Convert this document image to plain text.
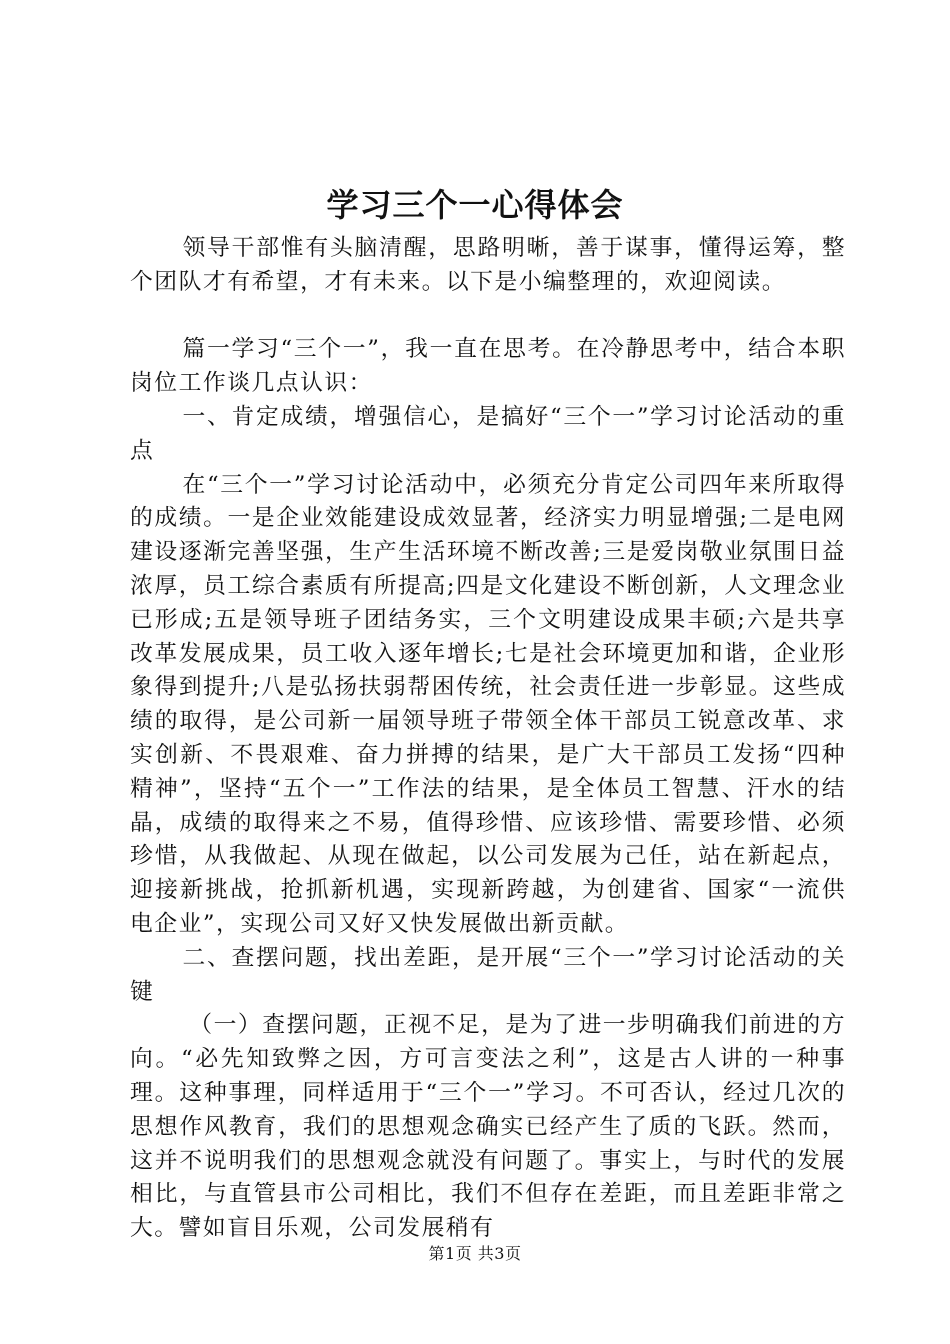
学习三个一心得体会

领导干部惟有头脑清醒，思路明晰，善于谋事，懂得运筹，整个团队才有希望，才有未来。以下是小编整理的，欢迎阅读。

篇一学习“三个一”，我一直在思考。在冷静思考中，结合本职岗位工作谈几点认识：

一、肯定成绩，增强信心，是搞好“三个一”学习讨论活动的重点

在“三个一”学习讨论活动中，必须充分肯定公司四年来所取得的成绩。一是企业效能建设成效显著，经济实力明显增强;二是电网建设逐渐完善坚强，生产生活环境不断改善;三是爱岗敬业氛围日益浓厚，员工综合素质有所提高;四是文化建设不断创新，人文理念业已形成;五是领导班子团结务实，三个文明建设成果丰硕;六是共享改革发展成果，员工收入逐年增长;七是社会环境更加和谐，企业形象得到提升;八是弘扬扶弱帮困传统，社会责任进一步彰显。这些成绩的取得，是公司新一届领导班子带领全体干部员工锐意改革、求实创新、不畏艰难、奋力拼搏的结果，是广大干部员工发扬“四种精神”，坚持“五个一”工作法的结果，是全体员工智慧、汗水的结晶，成绩的取得来之不易，值得珍惜、应该珍惜、需要珍惜、必须珍惜，从我做起、从现在做起，以公司发展为己任，站在新起点，迎接新挑战，抢抓新机遇，实现新跨越，为创建省、国家“一流供电企业”，实现公司又好又快发展做出新贡献。

二、查摆问题，找出差距，是开展“三个一”学习讨论活动的关键

（一）查摆问题，正视不足，是为了进一步明确我们前进的方向。“必先知致弊之因，方可言变法之利”，这是古人讲的一种事理。这种事理，同样适用于“三个一”学习。不可否认，经过几次的思想作风教育，我们的思想观念确实已经产生了质的飞跃。然而，这并不说明我们的思想观念就没有问题了。事实上，与时代的发展相比，与直管县市公司相比，我们不但存在差距，而且差距非常之大。譬如盲目乐观，公司发展稍有

第1页 共3页
